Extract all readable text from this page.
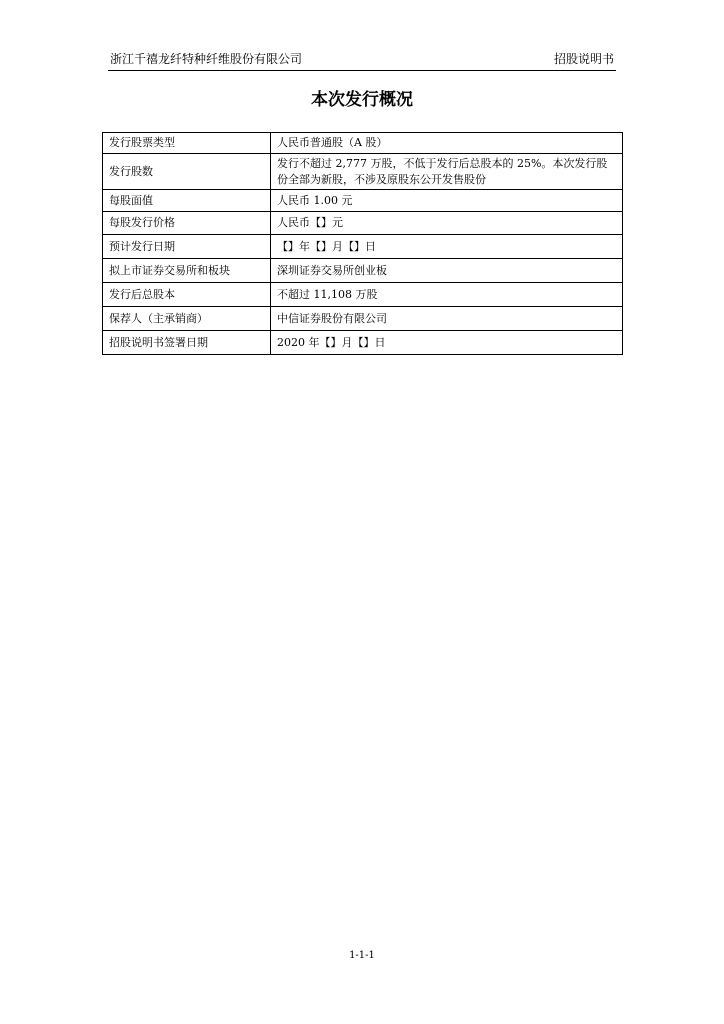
浙江千禧龙纤特种纤维股份有限公司	招股说明书
本次发行概况
发行股票类型	人民币普通股（A 股）
发行股数	发行不超过 2,777 万股，不低于发行后总股本的 25%。本次发行股份全部为新股，不涉及原股东公开发售股份
每股面值	人民币 1.00 元
每股发行价格	人民币【】元
预计发行日期	【】年【】月【】日
拟上市证券交易所和板块	深圳证券交易所创业板
发行后总股本	不超过 11,108 万股
保荐人（主承销商）	中信证券股份有限公司
招股说明书签署日期	2020 年【】月【】日
1-1-1
